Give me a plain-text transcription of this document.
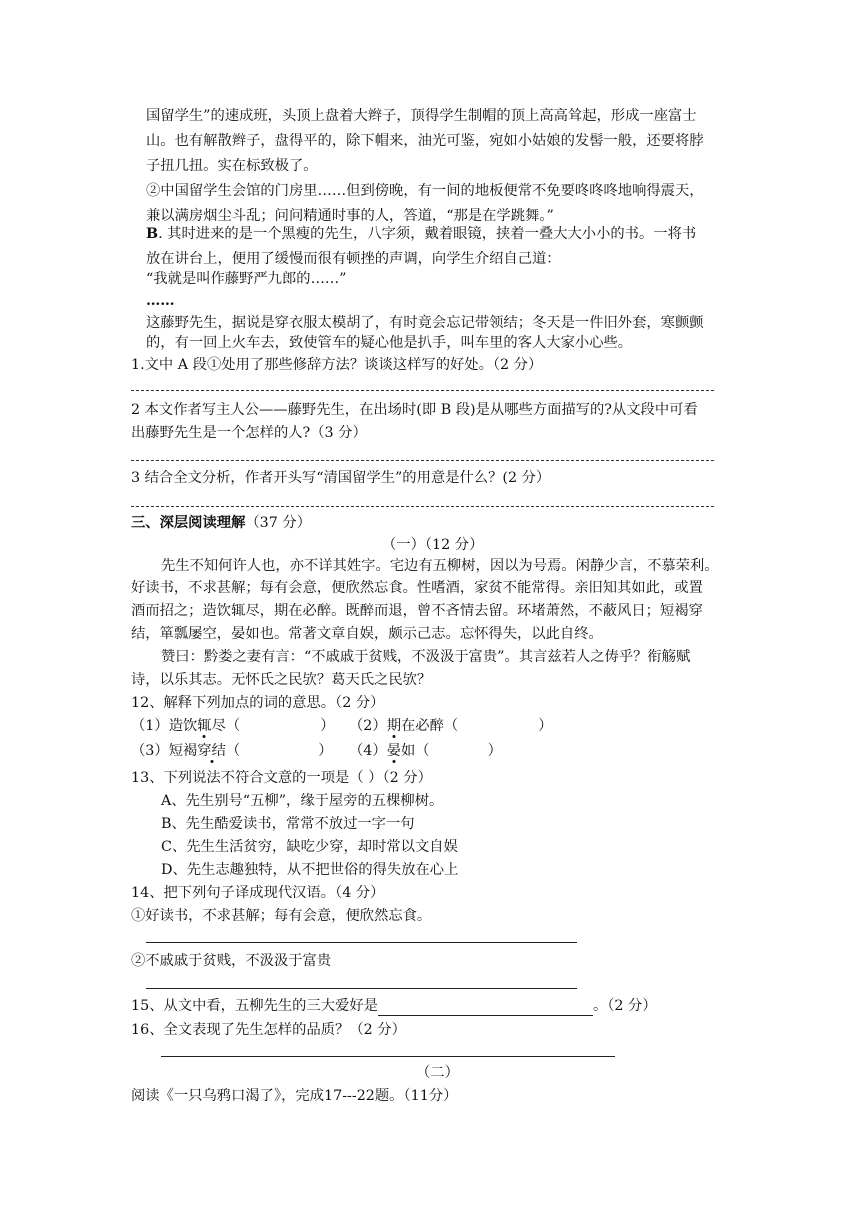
国留学生”的速成班，头顶上盘着大辫子，顶得学生制帽的顶上高高耸起，形成一座富士
山。也有解散辫子，盘得平的，除下帽来，油光可鉴，宛如小姑娘的发髻一般，还要将脖
子扭几扭。实在标致极了。
②中国留学生会馆的门房里……但到傍晚，有一间的地板便常不免要咚咚咚地响得震天，
兼以满房烟尘斗乱；问问精通时事的人，答道，“那是在学跳舞。”
B. 其时进来的是一个黑瘦的先生，八字须，戴着眼镜，挟着一叠大大小小的书。一将书
放在讲台上，便用了缓慢而很有顿挫的声调，向学生介绍自己道：
“我就是叫作藤野严九郎的……”
……
这藤野先生，据说是穿衣服太模胡了，有时竟会忘记带领结；冬天是一件旧外套，寒颤颤
的，有一回上火车去，致使管车的疑心他是扒手，叫车里的客人大家小心些。
1.文中 A 段①处用了那些修辞方法？谈谈这样写的好处。（2 分）
2 本文作者写主人公——藤野先生，在出场时(即 B 段)是从哪些方面描写的?从文段中可看
出藤野先生是一个怎样的人?（3 分）
3 结合全文分析，作者开头写“清国留学生”的用意是什么？(2 分）
三、深层阅读理解（37 分）
（一）（12 分）
先生不知何许人也，亦不详其姓字。宅边有五柳树，因以为号焉。闲静少言，不慕荣利。
好读书，不求甚解；每有会意，便欣然忘食。性嗜酒，家贫不能常得。亲旧知其如此，或置
酒而招之；造饮辄尽，期在必醉。既醉而退，曾不吝情去留。环堵萧然，不蔽风日；短褐穿
结，箪瓢屡空，晏如也。常著文章自娱，颇示己志。忘怀得失，以此自终。
赞曰：黔娄之妻有言：“不戚戚于贫贱，不汲汲于富贵”。其言兹若人之俦乎？衔觞赋
诗，以乐其志。无怀氏之民欤？葛天氏之民欤？
12、解释下列加点的词的意思。（2 分）
（1）造饮辄尽（	） （2）期在必醉（	）
（3）短褐穿结（	） （4）晏如（	）
13、下列说法不符合文意的一项是（ ）（2 分）
A、先生别号“五柳”，缘于屋旁的五棵柳树。
B、先生酷爱读书，常常不放过一字一句
C、先生生活贫穷，缺吃少穿，却时常以文自娱
D、先生志趣独特，从不把世俗的得失放在心上
14、把下列句子译成现代汉语。（4 分）
①好读书，不求甚解；每有会意，便欣然忘食。
②不戚戚于贫贱，不汲汲于富贵
15、从文中看，五柳先生的三大爱好是	。（2 分）
16、全文表现了先生怎样的品质？（2 分）
（二）
阅读《一只乌鸦口渴了》，完成17---22题。（11分）
